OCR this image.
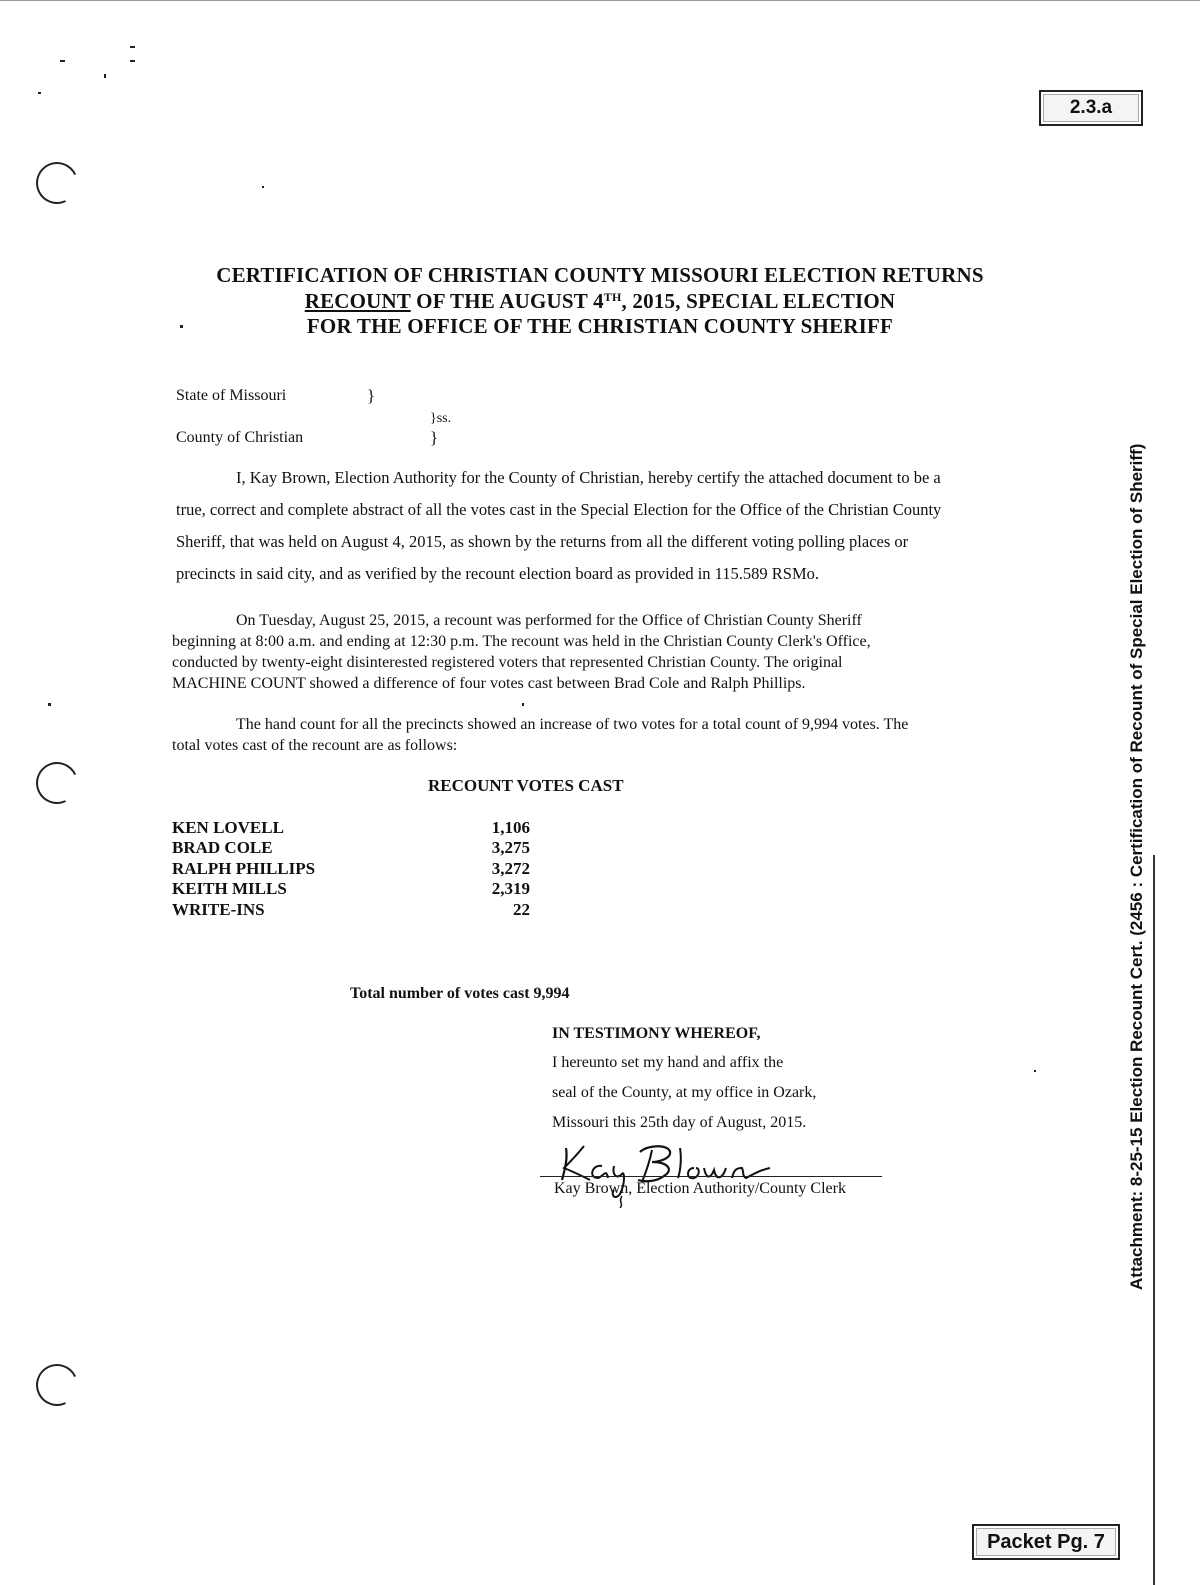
2.3.a
Packet Pg. 7
Attachment: 8-25-15 Election Recount Cert. (2456 : Certification of Recount of Special Election of Sheriff)
CERTIFICATION OF CHRISTIAN COUNTY MISSOURI ELECTION RETURNS
RECOUNT OF THE AUGUST 4TH, 2015, SPECIAL ELECTION
FOR THE OFFICE OF THE CHRISTIAN COUNTY SHERIFF
State of Missouri	}
}ss.
County of Christian	}
I, Kay Brown, Election Authority for the County of Christian, hereby certify the attached document to be a
true, correct and complete abstract of all the votes cast in the Special Election for the Office of the Christian County
Sheriff, that was held on August 4, 2015, as shown by the returns from all the different voting polling places or
precincts in said city, and as verified by the recount election board as provided in 115.589 RSMo.
On Tuesday, August 25, 2015, a recount was performed for the Office of Christian County Sheriff
beginning at 8:00 a.m. and ending at 12:30 p.m. The recount was held in the Christian County Clerk's Office,
conducted by twenty-eight disinterested registered voters that represented Christian County. The original
MACHINE COUNT showed a difference of four votes cast between Brad Cole and Ralph Phillips.
The hand count for all the precincts showed an increase of two votes for a total count of 9,994 votes. The
total votes cast of the recount are as follows:
RECOUNT VOTES CAST
KEN LOVELL	1,106
BRAD COLE	3,275
RALPH PHILLIPS	3,272
KEITH MILLS	2,319
WRITE-INS	22
Total number of votes cast 9,994
IN TESTIMONY WHEREOF,
I hereunto set my hand and affix the
seal of the County, at my office in Ozark,
Missouri this 25th day of August, 2015.
Kay Brown, Election Authority/County Clerk
